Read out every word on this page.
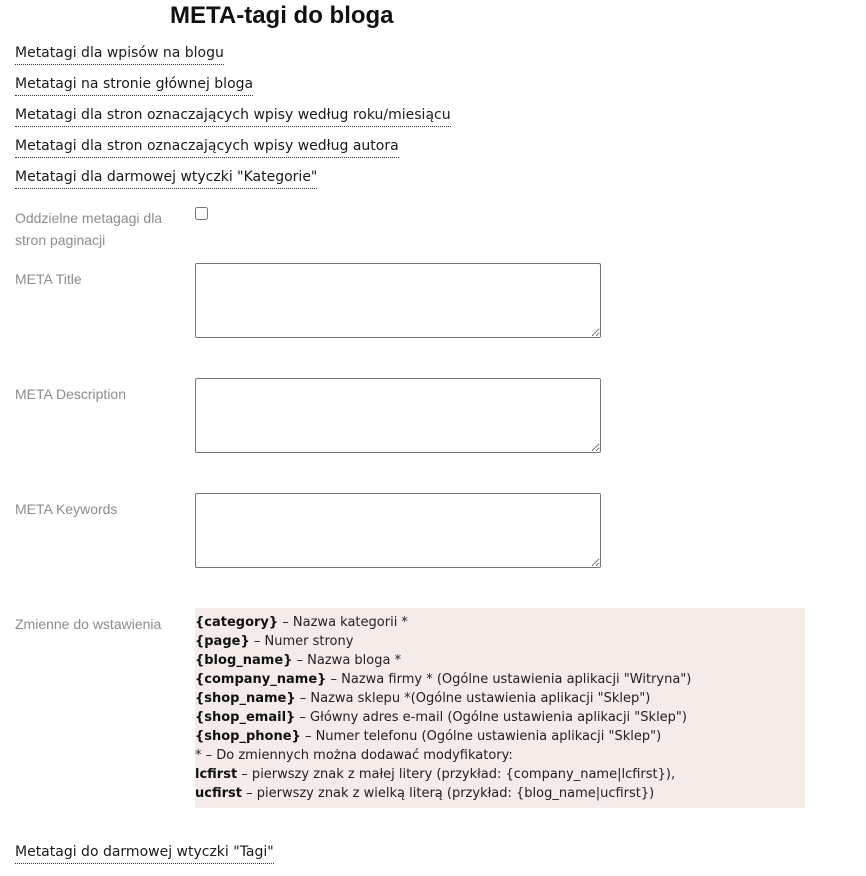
META-tagi do bloga
Metatagi dla wpisów na blogu
Metatagi na stronie głównej bloga
Metatagi dla stron oznaczających wpisy według roku/miesiącu
Metatagi dla stron oznaczających wpisy według autora
Metatagi dla darmowej wtyczki "Kategorie"
Oddzielne metagagi dla stron paginacji
META Title
META Description
META Keywords
Zmienne do wstawienia	{category} – Nazwa kategorii *
{page} – Numer strony
{blog_name} – Nazwa bloga *
{company_name} – Nazwa firmy * (Ogólne ustawienia aplikacji "Witryna")
{shop_name} – Nazwa sklepu *(Ogólne ustawienia aplikacji "Sklep")
{shop_email} – Główny adres e-mail (Ogólne ustawienia aplikacji "Sklep")
{shop_phone} – Numer telefonu (Ogólne ustawienia aplikacji "Sklep")
* – Do zmiennych można dodawać modyfikatory:
lcfirst – pierwszy znak z małej litery (przykład: {company_name|lcfirst}),
ucfirst – pierwszy znak z wielką literą (przykład: {blog_name|ucfirst})
Metatagi do darmowej wtyczki "Tagi"
